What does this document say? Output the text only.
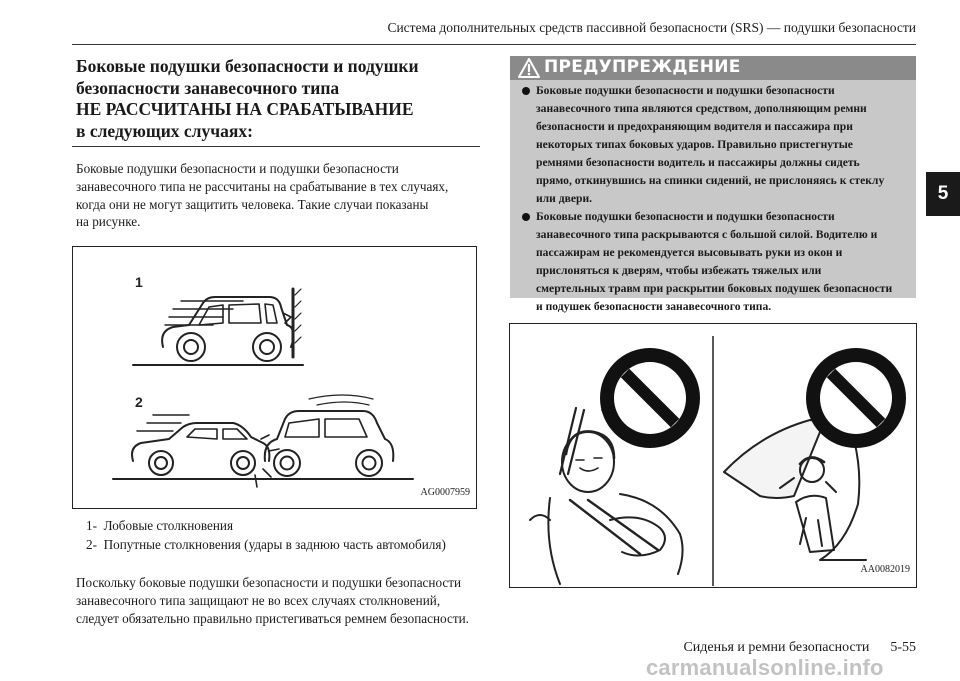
Система дополнительных средств пассивной безопасности (SRS) — подушки безопасности
Боковые подушки безопасности и подушки
безопасности занавесочного типа
НЕ РАССЧИТАНЫ НА СРАБАТЫВАНИЕ
в следующих случаях:
Боковые подушки безопасности и подушки безопасности
занавесочного типа не рассчитаны на срабатывание в тех случаях,
когда они не могут защитить человека. Такие случаи показаны
на рисунке.
1
2
AG0007959
1- Лобовые столкновения
2- Попутные столкновения (удары в заднюю часть автомобиля)
Поскольку боковые подушки безопасности и подушки безопасности
занавесочного типа защищают не во всех случаях столкновений,
следует обязательно правильно пристегиваться ремнем безопасности.
ПРЕДУПРЕЖДЕНИЕ
Боковые подушки безопасности и подушки безопасности
занавесочного типа являются средством, дополняющим ремни
безопасности и предохраняющим водителя и пассажира при
некоторых типах боковых ударов. Правильно пристегнутые
ремнями безопасности водитель и пассажиры должны сидеть
прямо, откинувшись на спинки сидений, не прислоняясь к стеклу
или двери.
Боковые подушки безопасности и подушки безопасности
занавесочного типа раскрываются с большой силой. Водителю и
пассажирам не рекомендуется высовывать руки из окон и
прислоняться к дверям, чтобы избежать тяжелых или
смертельных травм при раскрытии боковых подушек безопасности
и подушек безопасности занавесочного типа.
AA0082019
5
Сиденья и ремни безопасности 5-55
carmanualsonline.info
